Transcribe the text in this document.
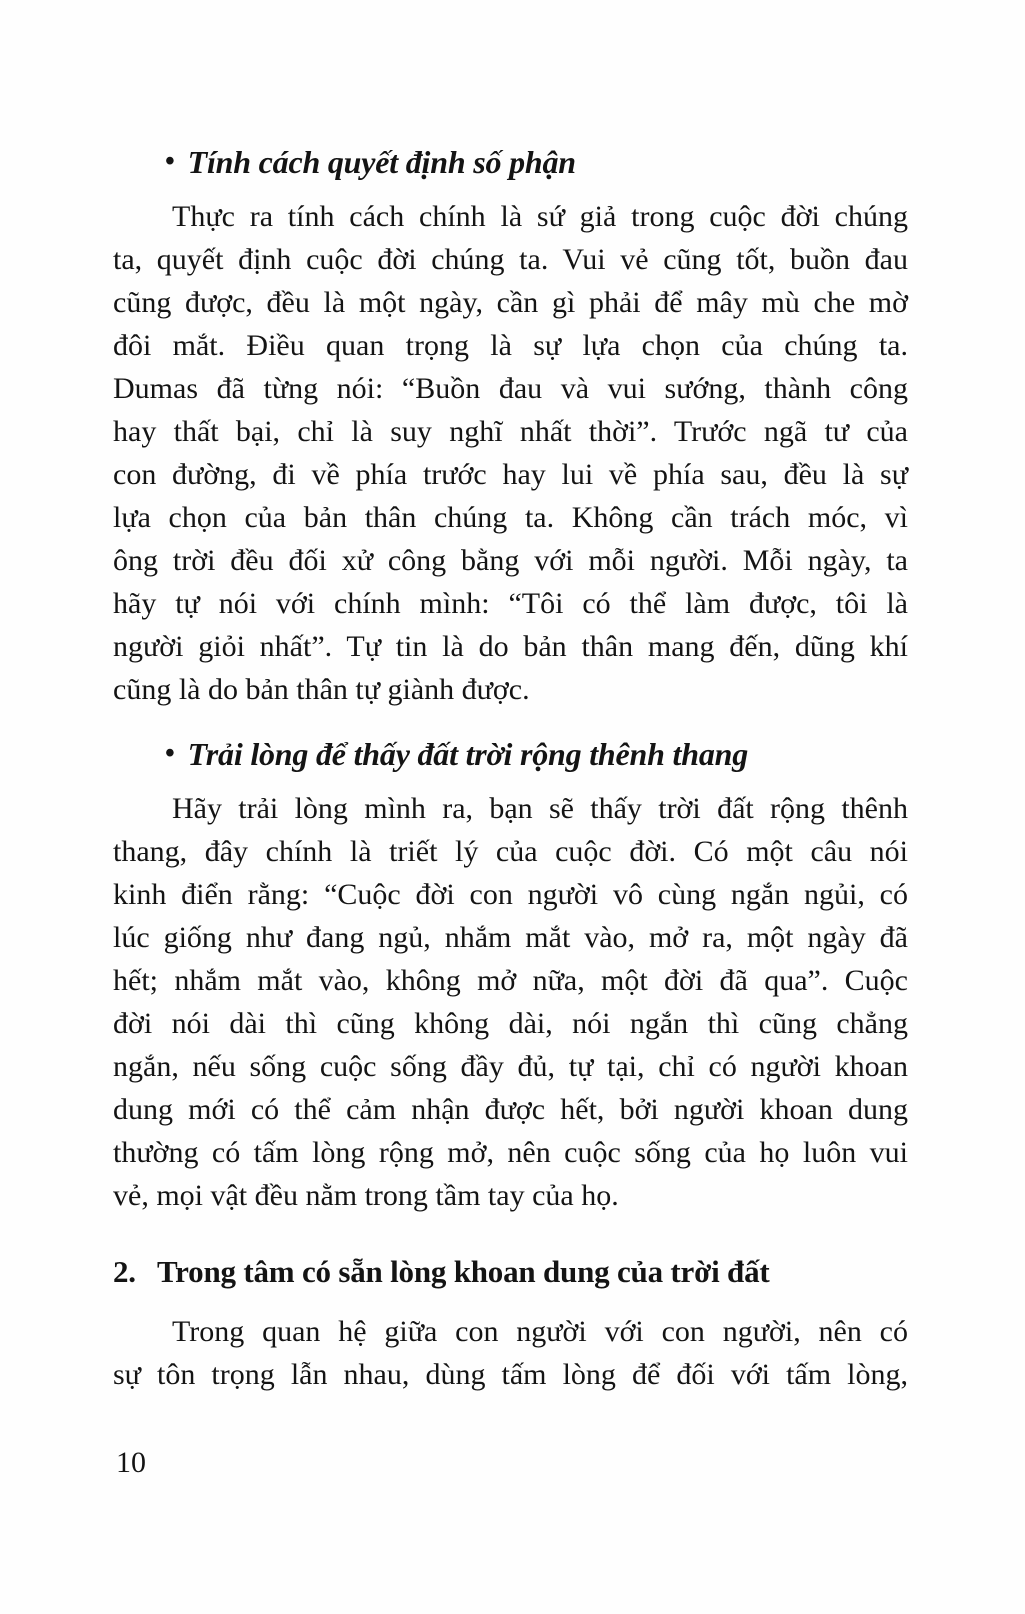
• Tính cách quyết định số phận
Thực ra tính cách chính là sứ giả trong cuộc đời chúng
ta, quyết định cuộc đời chúng ta. Vui vẻ cũng tốt, buồn đau
cũng được, đều là một ngày, cần gì phải để mây mù che mờ
đôi mắt. Điều quan trọng là sự lựa chọn của chúng ta.
Dumas đã từng nói: “Buồn đau và vui sướng, thành công
hay thất bại, chỉ là suy nghĩ nhất thời”. Trước ngã tư của
con đường, đi về phía trước hay lui về phía sau, đều là sự
lựa chọn của bản thân chúng ta. Không cần trách móc, vì
ông trời đều đối xử công bằng với mỗi người. Mỗi ngày, ta
hãy tự nói với chính mình: “Tôi có thể làm được, tôi là
người giỏi nhất”. Tự tin là do bản thân mang đến, dũng khí
cũng là do bản thân tự giành được.
• Trải lòng để thấy đất trời rộng thênh thang
Hãy trải lòng mình ra, bạn sẽ thấy trời đất rộng thênh
thang, đây chính là triết lý của cuộc đời. Có một câu nói
kinh điển rằng: “Cuộc đời con người vô cùng ngắn ngủi, có
lúc giống như đang ngủ, nhắm mắt vào, mở ra, một ngày đã
hết; nhắm mắt vào, không mở nữa, một đời đã qua”. Cuộc
đời nói dài thì cũng không dài, nói ngắn thì cũng chẳng
ngắn, nếu sống cuộc sống đầy đủ, tự tại, chỉ có người khoan
dung mới có thể cảm nhận được hết, bởi người khoan dung
thường có tấm lòng rộng mở, nên cuộc sống của họ luôn vui
vẻ, mọi vật đều nằm trong tầm tay của họ.
2. Trong tâm có sẵn lòng khoan dung của trời đất
Trong quan hệ giữa con người với con người, nên có
sự tôn trọng lẫn nhau, dùng tấm lòng để đối với tấm lòng,
10
